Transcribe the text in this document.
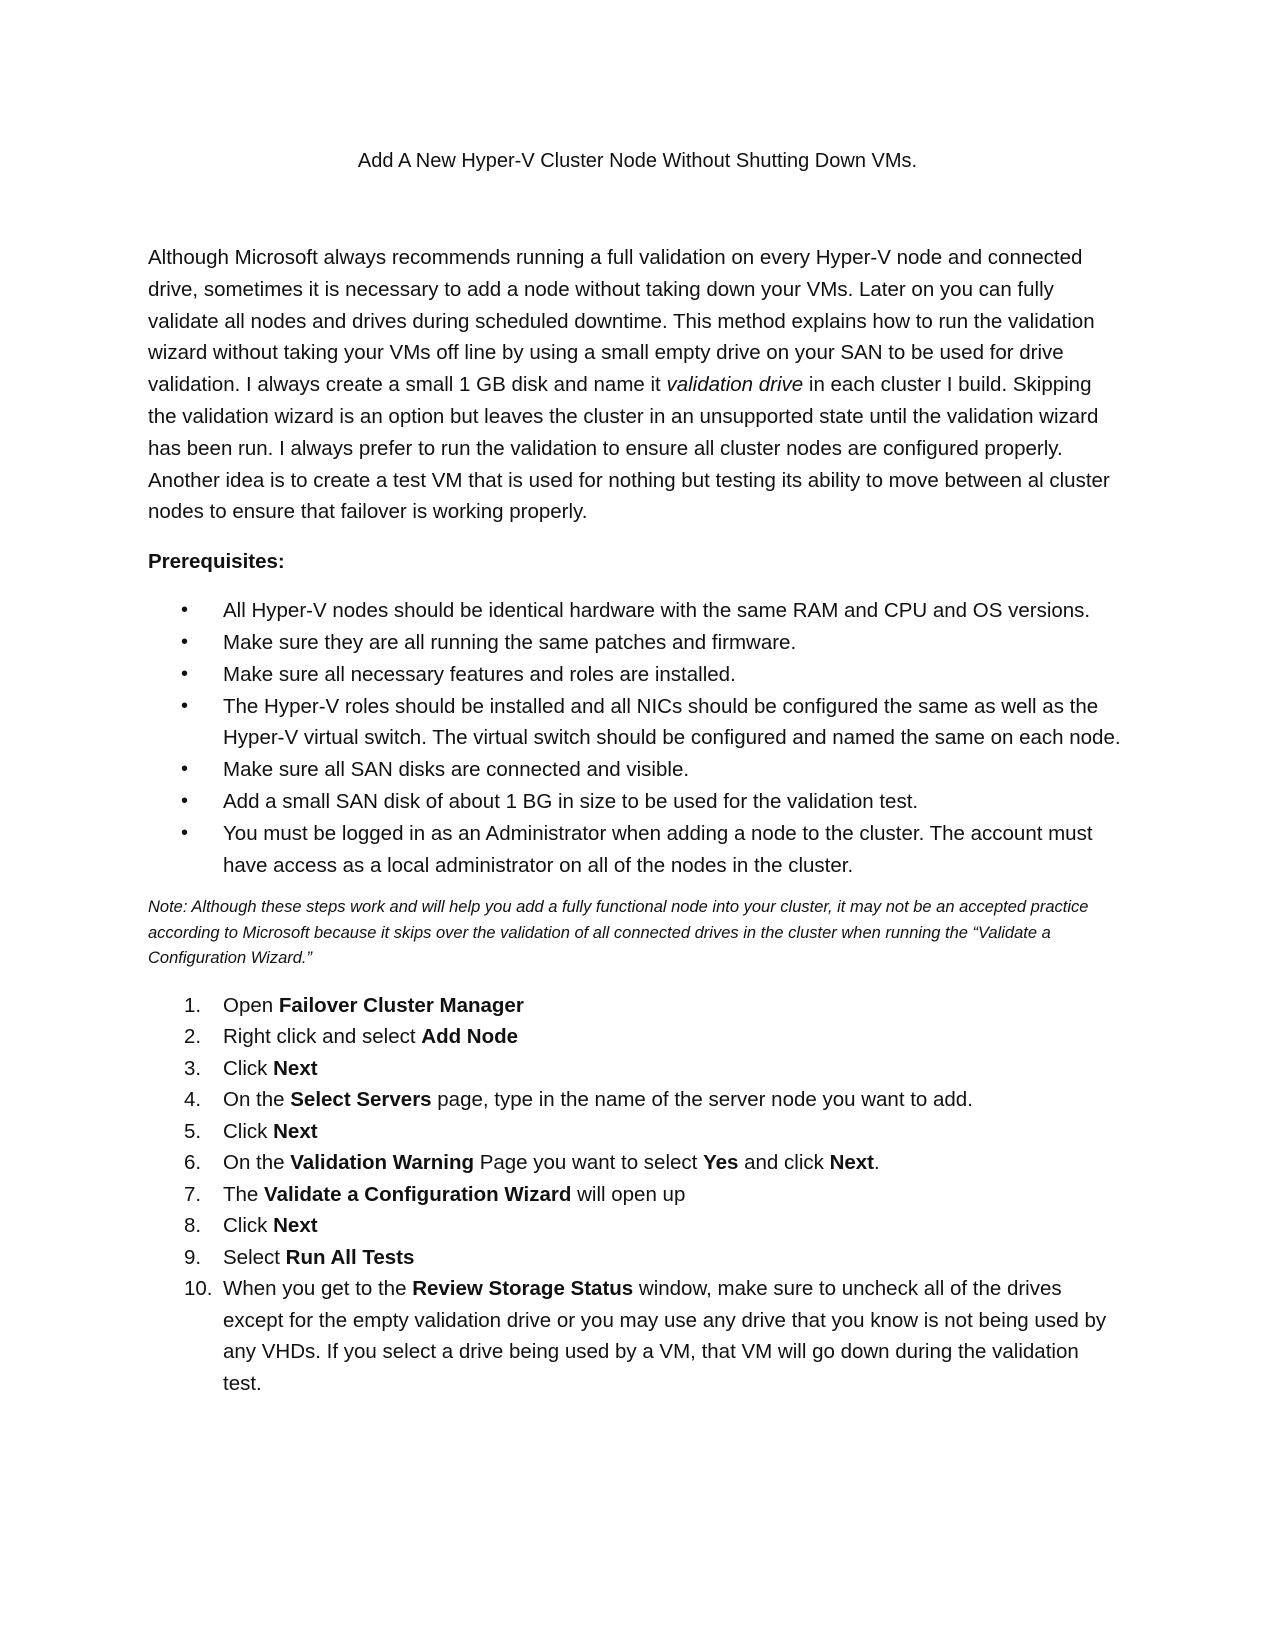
Add A New Hyper-V Cluster Node Without Shutting Down VMs.

Although Microsoft always recommends running a full validation on every Hyper-V node and connected drive, sometimes it is necessary to add a node without taking down your VMs. Later on you can fully validate all nodes and drives during scheduled downtime. This method explains how to run the validation wizard without taking your VMs off line by using a small empty drive on your SAN to be used for drive validation. I always create a small 1 GB disk and name it validation drive in each cluster I build. Skipping the validation wizard is an option but leaves the cluster in an unsupported state until the validation wizard has been run. I always prefer to run the validation to ensure all cluster nodes are configured properly. Another idea is to create a test VM that is used for nothing but testing its ability to move between al cluster nodes to ensure that failover is working properly.

Prerequisites:

• All Hyper-V nodes should be identical hardware with the same RAM and CPU and OS versions.
• Make sure they are all running the same patches and firmware.
• Make sure all necessary features and roles are installed.
• The Hyper-V roles should be installed and all NICs should be configured the same as well as the Hyper-V virtual switch. The virtual switch should be configured and named the same on each node.
• Make sure all SAN disks are connected and visible.
• Add a small SAN disk of about 1 BG in size to be used for the validation test.
• You must be logged in as an Administrator when adding a node to the cluster. The account must have access as a local administrator on all of the nodes in the cluster.

Note: Although these steps work and will help you add a fully functional node into your cluster, it may not be an accepted practice according to Microsoft because it skips over the validation of all connected drives in the cluster when running the “Validate a Configuration Wizard.”

1. Open Failover Cluster Manager
2. Right click and select Add Node
3. Click Next
4. On the Select Servers page, type in the name of the server node you want to add.
5. Click Next
6. On the Validation Warning Page you want to select Yes and click Next.
7. The Validate a Configuration Wizard will open up
8. Click Next
9. Select Run All Tests
10. When you get to the Review Storage Status window, make sure to uncheck all of the drives except for the empty validation drive or you may use any drive that you know is not being used by any VHDs. If you select a drive being used by a VM, that VM will go down during the validation test.
